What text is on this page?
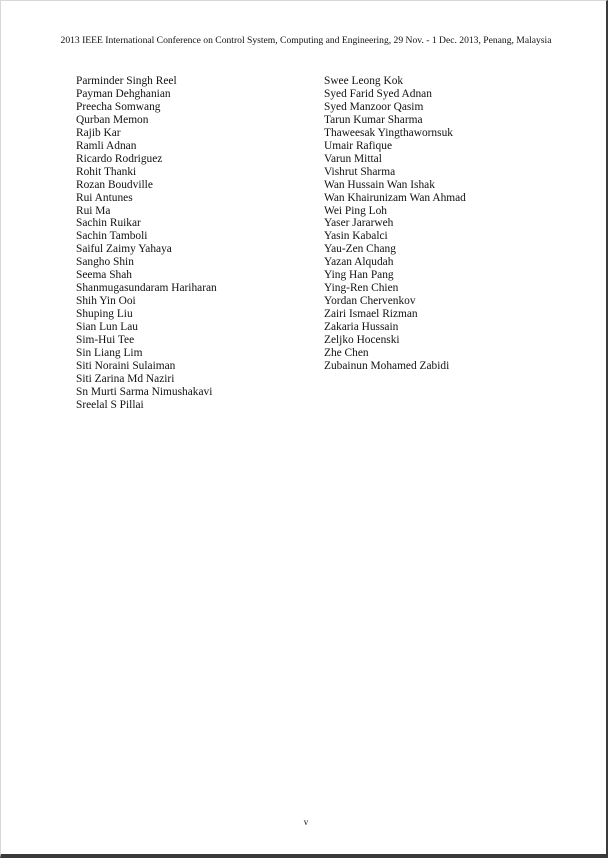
2013 IEEE International Conference on Control System, Computing and Engineering, 29 Nov. - 1 Dec. 2013, Penang, Malaysia
Parminder Singh Reel
Payman Dehghanian
Preecha Somwang
Qurban Memon
Rajib Kar
Ramli Adnan
Ricardo Rodriguez
Rohit Thanki
Rozan Boudville
Rui Antunes
Rui Ma
Sachin Ruikar
Sachin Tamboli
Saiful Zaimy Yahaya
Sangho Shin
Seema Shah
Shanmugasundaram Hariharan
Shih Yin Ooi
Shuping Liu
Sian Lun Lau
Sim-Hui Tee
Sin Liang Lim
Siti Noraini Sulaiman
Siti Zarina Md Naziri
Sn Murti Sarma Nimushakavi
Sreelal S Pillai
Swee Leong Kok
Syed Farid Syed Adnan
Syed Manzoor Qasim
Tarun Kumar Sharma
Thaweesak Yingthawornsuk
Umair Rafique
Varun Mittal
Vishrut Sharma
Wan Hussain Wan Ishak
Wan Khairunizam Wan Ahmad
Wei Ping Loh
Yaser Jararweh
Yasin Kabalci
Yau-Zen Chang
Yazan Alqudah
Ying Han Pang
Ying-Ren Chien
Yordan Chervenkov
Zairi Ismael Rizman
Zakaria Hussain
Zeljko Hocenski
Zhe Chen
Zubainun Mohamed Zabidi
v
